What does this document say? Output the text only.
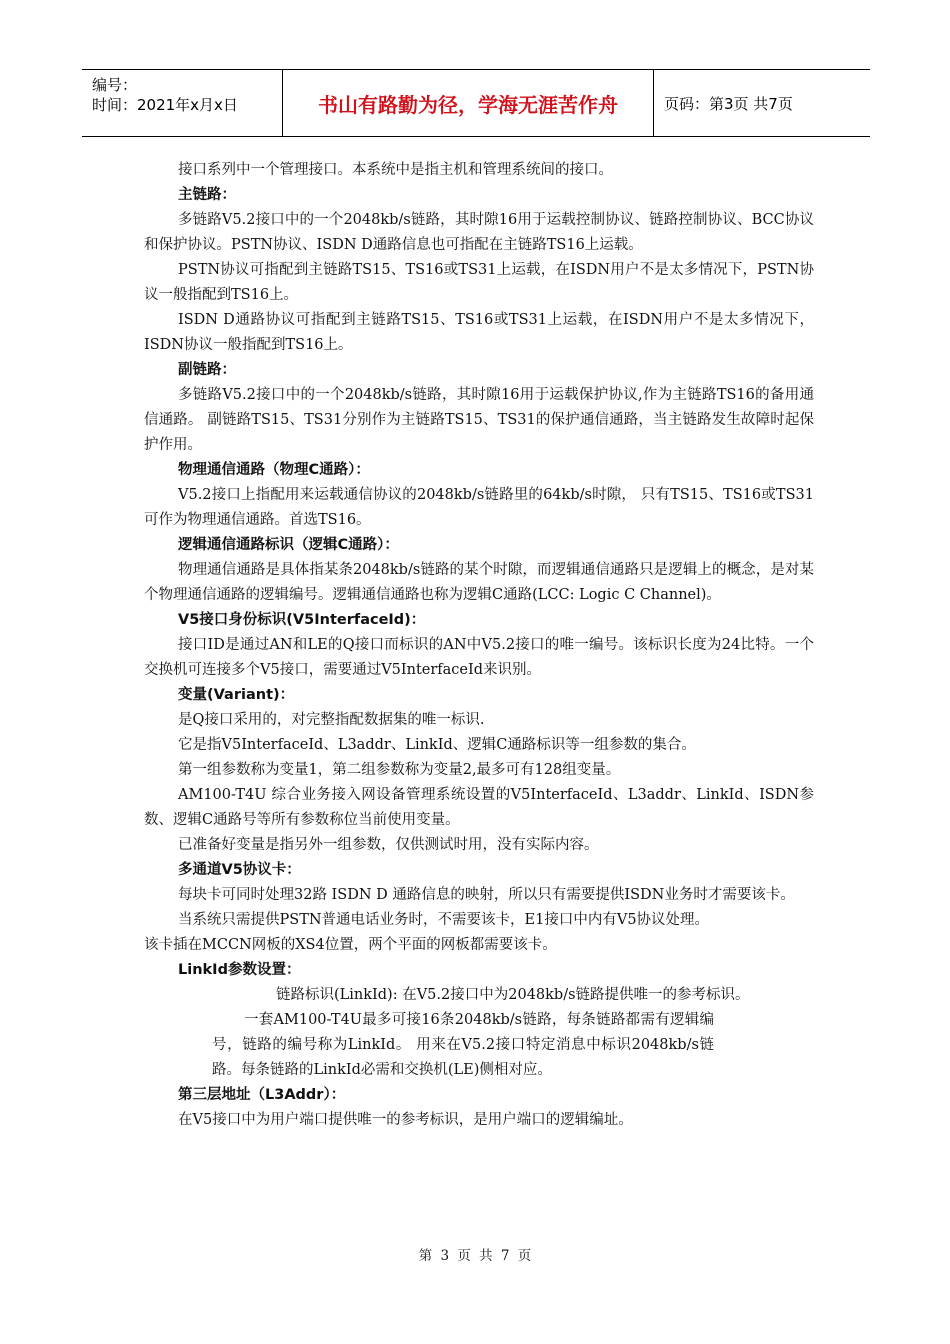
编号：
时间：2021年x月x日	书山有路勤为径，学海无涯苦作舟	页码：第3页 共7页

接口系列中一个管理接口。本系统中是指主机和管理系统间的接口。

主链路：

多链路V5.2接口中的一个2048kb/s链路，其时隙16用于运载控制协议、链路控制协议、BCC协议和保护协议。PSTN协议、ISDN D通路信息也可指配在主链路TS16上运载。

PSTN协议可指配到主链路TS15、TS16或TS31上运载，在ISDN用户不是太多情况下，PSTN协议一般指配到TS16上。

ISDN D通路协议可指配到主链路TS15、TS16或TS31上运载，在ISDN用户不是太多情况下，ISDN协议一般指配到TS16上。

副链路：

多链路V5.2接口中的一个2048kb/s链路，其时隙16用于运载保护协议,作为主链路TS16的备用通信通路。 副链路TS15、TS31分别作为主链路TS15、TS31的保护通信通路，当主链路发生故障时起保护作用。

物理通信通路（物理C通路）：

V5.2接口上指配用来运载通信协议的2048kb/s链路里的64kb/s时隙， 只有TS15、TS16或TS31可作为物理通信通路。首选TS16。

逻辑通信通路标识（逻辑C通路）：

物理通信通路是具体指某条2048kb/s链路的某个时隙，而逻辑通信通路只是逻辑上的概念，是对某个物理通信通路的逻辑编号。逻辑通信通路也称为逻辑C通路(LCC: Logic C Channel)。

V5接口身份标识(V5InterfaceId)：

接口ID是通过AN和LE的Q接口而标识的AN中V5.2接口的唯一编号。该标识长度为24比特。一个交换机可连接多个V5接口，需要通过V5InterfaceId来识别。

变量(Variant)：

是Q接口采用的，对完整指配数据集的唯一标识.

它是指V5InterfaceId、L3addr、LinkId、逻辑C通路标识等一组参数的集合。

第一组参数称为变量1，第二组参数称为变量2,最多可有128组变量。

AM100-T4U 综合业务接入网设备管理系统设置的V5InterfaceId、L3addr、LinkId、ISDN参数、逻辑C通路号等所有参数称位当前使用变量。

已准备好变量是指另外一组参数，仅供测试时用，没有实际内容。

多通道V5协议卡：

每块卡可同时处理32路 ISDN D 通路信息的映射，所以只有需要提供ISDN业务时才需要该卡。

当系统只需提供PSTN普通电话业务时，不需要该卡，E1接口中内有V5协议处理。

该卡插在MCCN网板的XS4位置，两个平面的网板都需要该卡。

LinkId参数设置：

链路标识(LinkId): 在V5.2接口中为2048kb/s链路提供唯一的参考标识。

一套AM100-T4U最多可接16条2048kb/s链路，每条链路都需有逻辑编号，链路的编号称为LinkId。 用来在V5.2接口特定消息中标识2048kb/s链路。每条链路的LinkId必需和交换机(LE)侧相对应。

第三层地址（L3Addr）：

在V5接口中为用户端口提供唯一的参考标识，是用户端口的逻辑编址。

第 3 页 共 7 页
